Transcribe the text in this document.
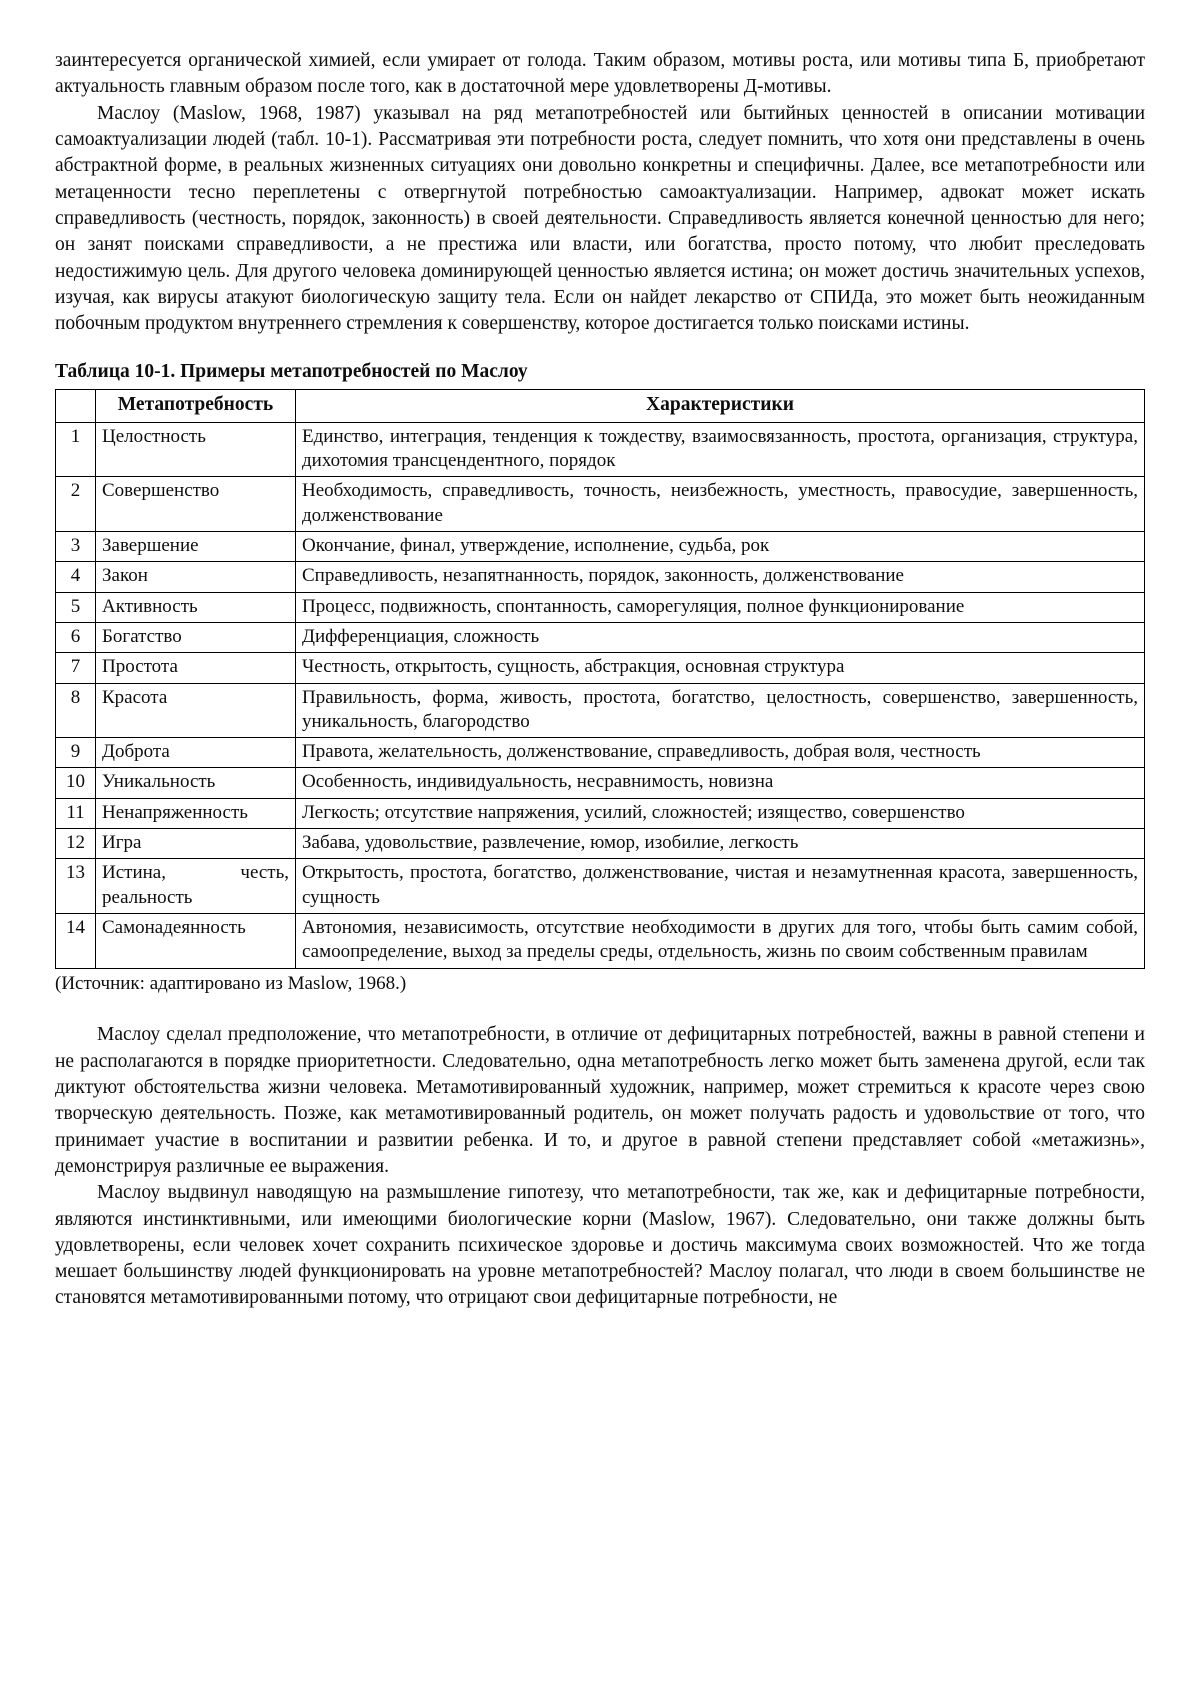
заинтересуется органической химией, если умирает от голода. Таким образом, мотивы роста, или мотивы типа Б, приобретают актуальность главным образом после того, как в достаточной мере удовлетворены Д-мотивы.

Маслоу (Maslow, 1968, 1987) указывал на ряд метапотребностей или бытийных ценностей в описании мотивации самоактуализации людей (табл. 10-1). Рассматривая эти потребности роста, следует помнить, что хотя они представлены в очень абстрактной форме, в реальных жизненных ситуациях они довольно конкретны и специфичны. Далее, все метапотребности или метаценности тесно переплетены с отвергнутой потребностью самоактуализации. Например, адвокат может искать справедливость (честность, порядок, законность) в своей деятельности. Справедливость является конечной ценностью для него; он занят поисками справедливости, а не престижа или власти, или богатства, просто потому, что любит преследовать недостижимую цель. Для другого человека доминирующей ценностью является истина; он может достичь значительных успехов, изучая, как вирусы атакуют биологическую защиту тела. Если он найдет лекарство от СПИДа, это может быть неожиданным побочным продуктом внутреннего стремления к совершенству, которое достигается только поисками истины.

Таблица 10-1. Примеры метапотребностей по Маслоу
	Метапотребность	Характеристики
1	Целостность	Единство, интеграция, тенденция к тождеству, взаимосвязанность, простота, организация, структура, дихотомия трансцендентного, порядок
2	Совершенство	Необходимость, справедливость, точность, неизбежность, уместность, правосудие, завершенность, долженствование
3	Завершение	Окончание, финал, утверждение, исполнение, судьба, рок
4	Закон	Справедливость, незапятнанность, порядок, законность, долженствование
5	Активность	Процесс, подвижность, спонтанность, саморегуляция, полное функционирование
6	Богатство	Дифференциация, сложность
7	Простота	Честность, открытость, сущность, абстракция, основная структура
8	Красота	Правильность, форма, живость, простота, богатство, целостность, совершенство, завершенность, уникальность, благородство
9	Доброта	Правота, желательность, долженствование, справедливость, добрая воля, честность
10	Уникальность	Особенность, индивидуальность, несравнимость, новизна
11	Ненапряженность	Легкость; отсутствие напряжения, усилий, сложностей; изящество, совершенство
12	Игра	Забава, удовольствие, развлечение, юмор, изобилие, легкость
13	Истина, честь, реальность	Открытость, простота, богатство, долженствование, чистая и незамутненная красота, завершенность, сущность
14	Самонадеянность	Автономия, независимость, отсутствие необходимости в других для того, чтобы быть самим собой, самоопределение, выход за пределы среды, отдельность, жизнь по своим собственным правилам

(Источник: адаптировано из Maslow, 1968.)

Маслоу сделал предположение, что метапотребности, в отличие от дефицитарных потребностей, важны в равной степени и не располагаются в порядке приоритетности. Следовательно, одна метапотребность легко может быть заменена другой, если так диктуют обстоятельства жизни человека. Метамотивированный художник, например, может стремиться к красоте через свою творческую деятельность. Позже, как метамотивированный родитель, он может получать радость и удовольствие от того, что принимает участие в воспитании и развитии ребенка. И то, и другое в равной степени представляет собой «метажизнь», демонстрируя различные ее выражения.

Маслоу выдвинул наводящую на размышление гипотезу, что метапотребности, так же, как и дефицитарные потребности, являются инстинктивными, или имеющими биологические корни (Maslow, 1967). Следовательно, они также должны быть удовлетворены, если человек хочет сохранить психическое здоровье и достичь максимума своих возможностей. Что же тогда мешает большинству людей функционировать на уровне метапотребностей? Маслоу полагал, что люди в своем большинстве не становятся метамотивированными потому, что отрицают свои дефицитарные потребности, не
